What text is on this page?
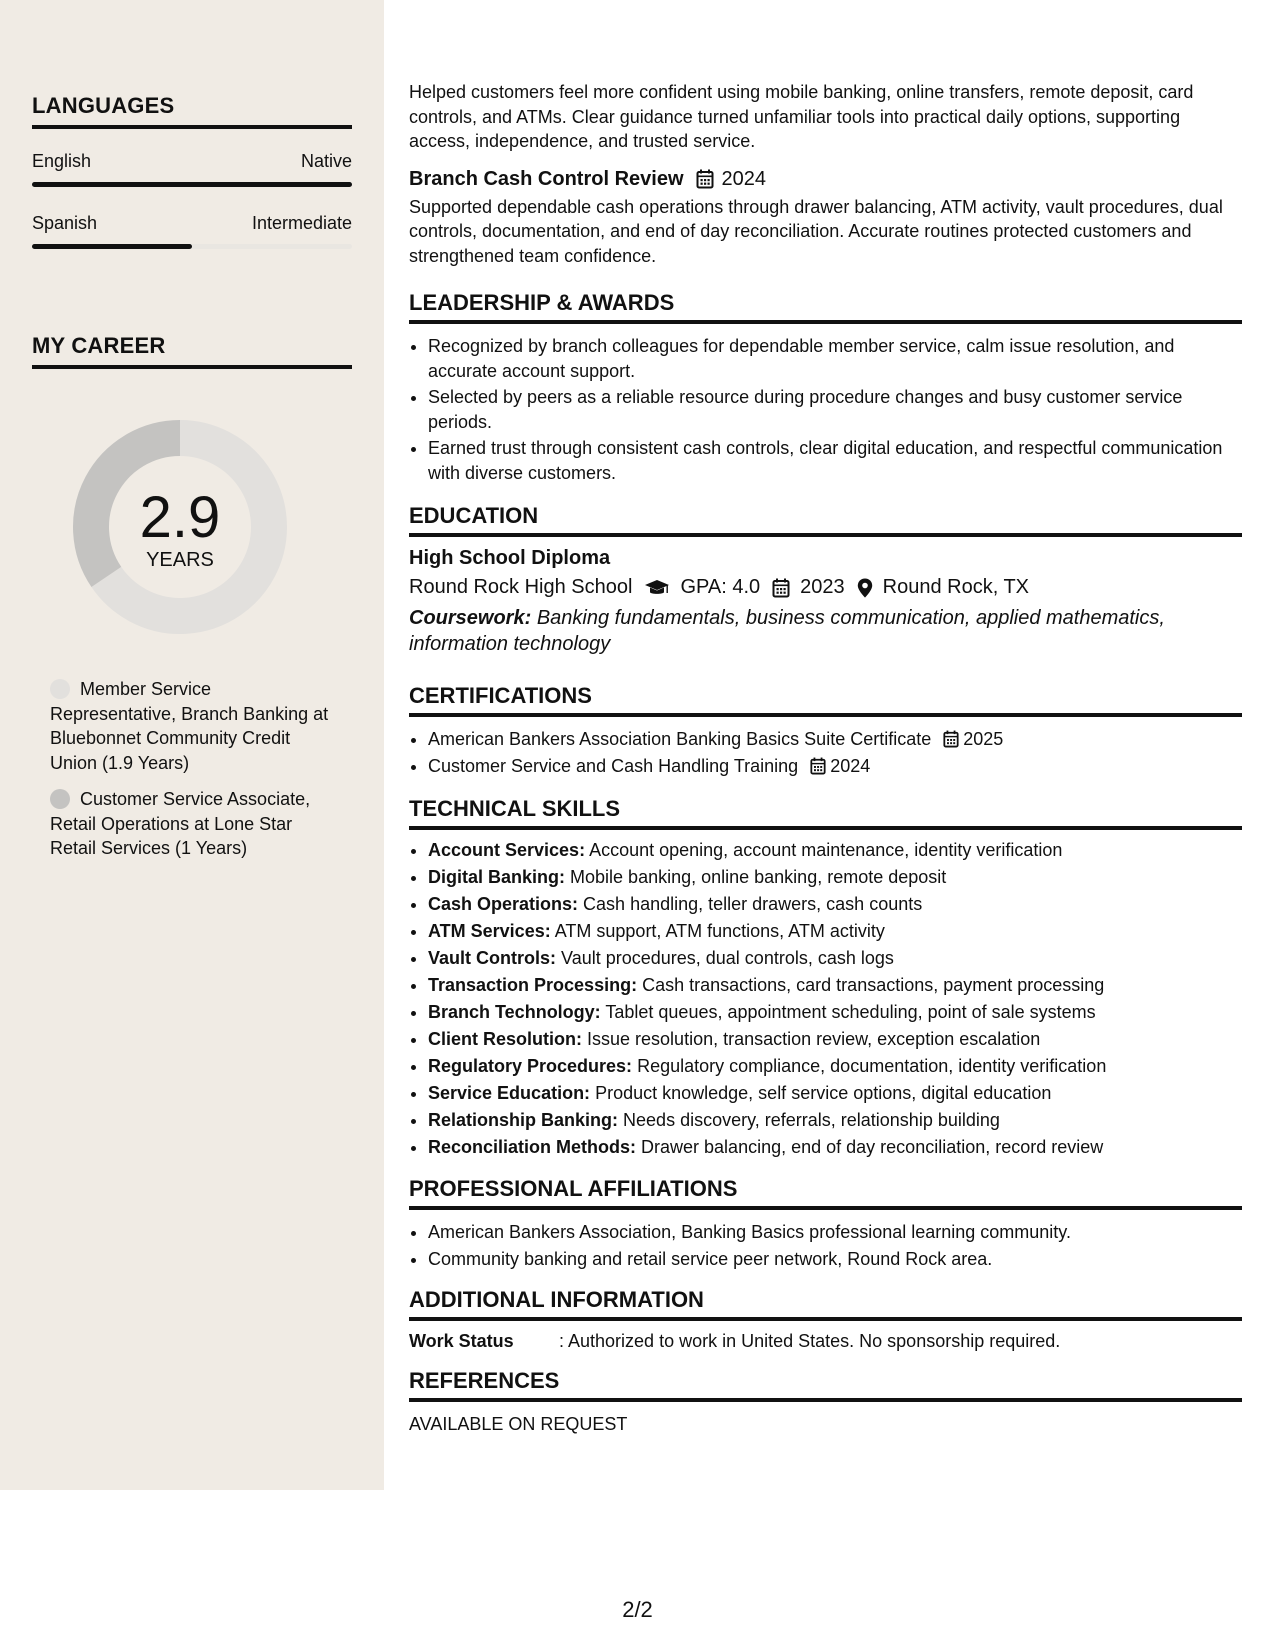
LANGUAGES
English	Native
Spanish	Intermediate
MY CAREER
2.9
YEARS
Member Service Representative, Branch Banking at Bluebonnet Community Credit Union (1.9 Years)
Customer Service Associate, Retail Operations at Lone Star Retail Services (1 Years)

Helped customers feel more confident using mobile banking, online transfers, remote deposit, card controls, and ATMs. Clear guidance turned unfamiliar tools into practical daily options, supporting access, independence, and trusted service.

Branch Cash Control Review 2024

Supported dependable cash operations through drawer balancing, ATM activity, vault procedures, dual controls, documentation, and end of day reconciliation. Accurate routines protected customers and strengthened team confidence.

LEADERSHIP & AWARDS
• Recognized by branch colleagues for dependable member service, calm issue resolution, and accurate account support.
• Selected by peers as a reliable resource during procedure changes and busy customer service periods.
• Earned trust through consistent cash controls, clear digital education, and respectful communication with diverse customers.
EDUCATION
High School Diploma
Round Rock High School GPA: 4.0 2023 Round Rock, TX
Coursework: Banking fundamentals, business communication, applied mathematics, information technology
CERTIFICATIONS
• American Bankers Association Banking Basics Suite Certificate 2025
• Customer Service and Cash Handling Training 2024
TECHNICAL SKILLS
• Account Services: Account opening, account maintenance, identity verification
• Digital Banking: Mobile banking, online banking, remote deposit
• Cash Operations: Cash handling, teller drawers, cash counts
• ATM Services: ATM support, ATM functions, ATM activity
• Vault Controls: Vault procedures, dual controls, cash logs
• Transaction Processing: Cash transactions, card transactions, payment processing
• Branch Technology: Tablet queues, appointment scheduling, point of sale systems
• Client Resolution: Issue resolution, transaction review, exception escalation
• Regulatory Procedures: Regulatory compliance, documentation, identity verification
• Service Education: Product knowledge, self service options, digital education
• Relationship Banking: Needs discovery, referrals, relationship building
• Reconciliation Methods: Drawer balancing, end of day reconciliation, record review
PROFESSIONAL AFFILIATIONS
• American Bankers Association, Banking Basics professional learning community.
• Community banking and retail service peer network, Round Rock area.
ADDITIONAL INFORMATION
Work Status	: Authorized to work in United States. No sponsorship required.
REFERENCES
AVAILABLE ON REQUEST
2/2
